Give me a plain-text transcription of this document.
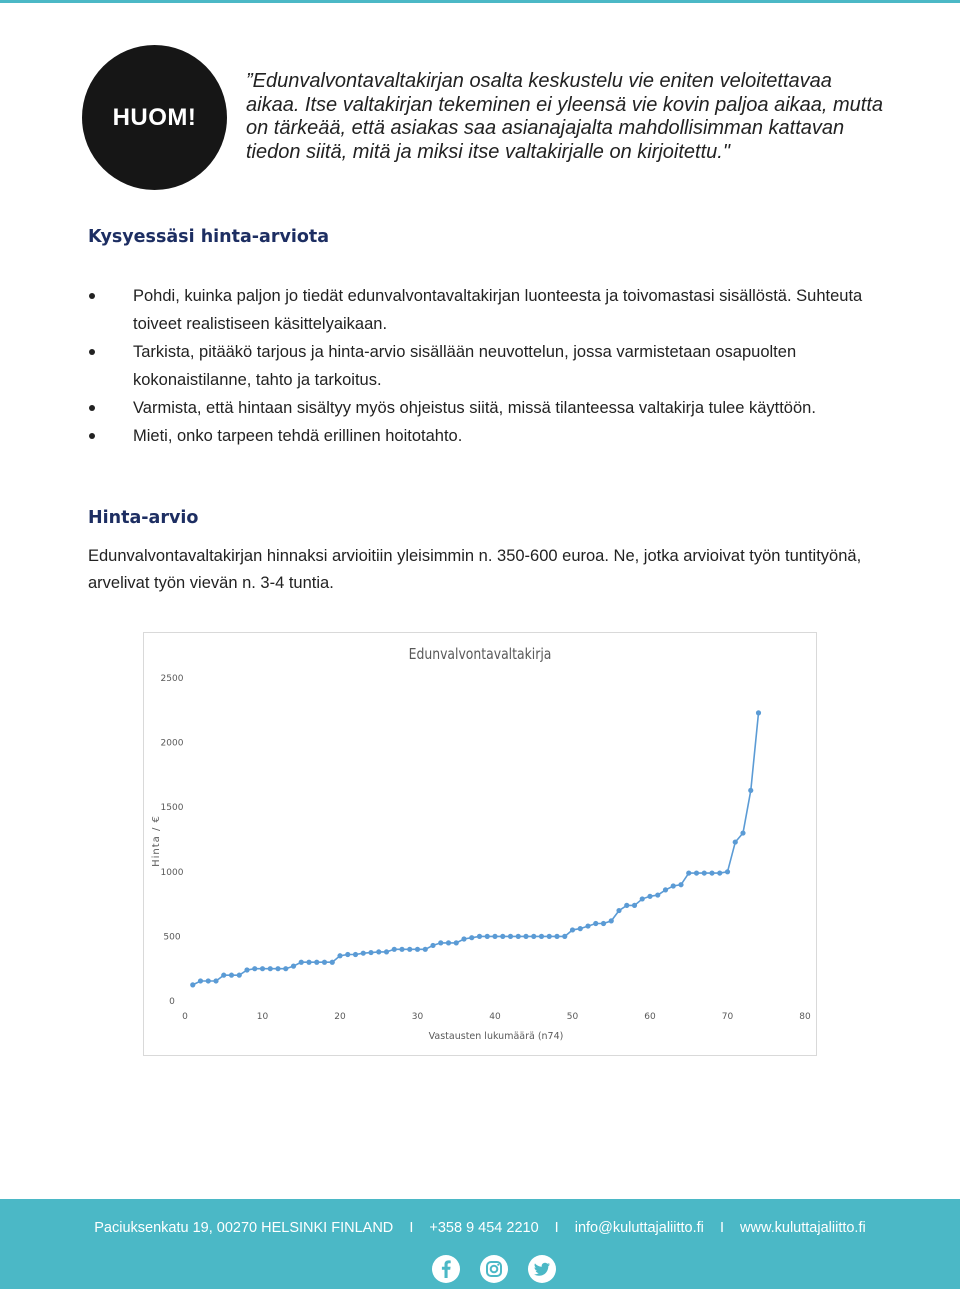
HUOM!
”Edunvalvontavaltakirjan osalta keskustelu vie eniten veloitettavaa aikaa. Itse valtakirjan tekeminen ei yleensä vie kovin paljoa aikaa, mutta on tärkeää, että asiakas saa asianajajalta mahdollisimman kattavan tiedon siitä, mitä ja miksi itse valtakirjalle on kirjoitettu."
Kysyessäsi hinta-arviota
Pohdi, kuinka paljon jo tiedät edunvalvontavaltakirjan luonteesta ja toivomastasi sisällöstä. Suhteuta toiveet realistiseen käsittelyaikaan.
Tarkista, pitääkö tarjous ja hinta-arvio sisällään neuvottelun, jossa varmistetaan osapuolten kokonaistilanne, tahto ja tarkoitus.
Varmista, että hintaan sisältyy myös ohjeistus siitä, missä tilanteessa valtakirja tulee käyttöön.
Mieti, onko tarpeen tehdä erillinen hoitotahto.
Hinta-arvio
Edunvalvontavaltakirjan hinnaksi arvioitiin yleisimmin n. 350-600 euroa. Ne, jotka arvioivat työn tuntityönä, arvelivat työn vievän n. 3-4 tuntia.
Edunvalvontavaltakirja
Hinta / €
Vastausten lukumäärä (n74)
0
500
1000
1500
2000
2500
0	10	20	30	40	50	60	70	80
Paciuksenkatu 19, 00270 HELSINKI FINLAND I +358 9 454 2210 I info@kuluttajaliitto.fi I www.kuluttajaliitto.fi
